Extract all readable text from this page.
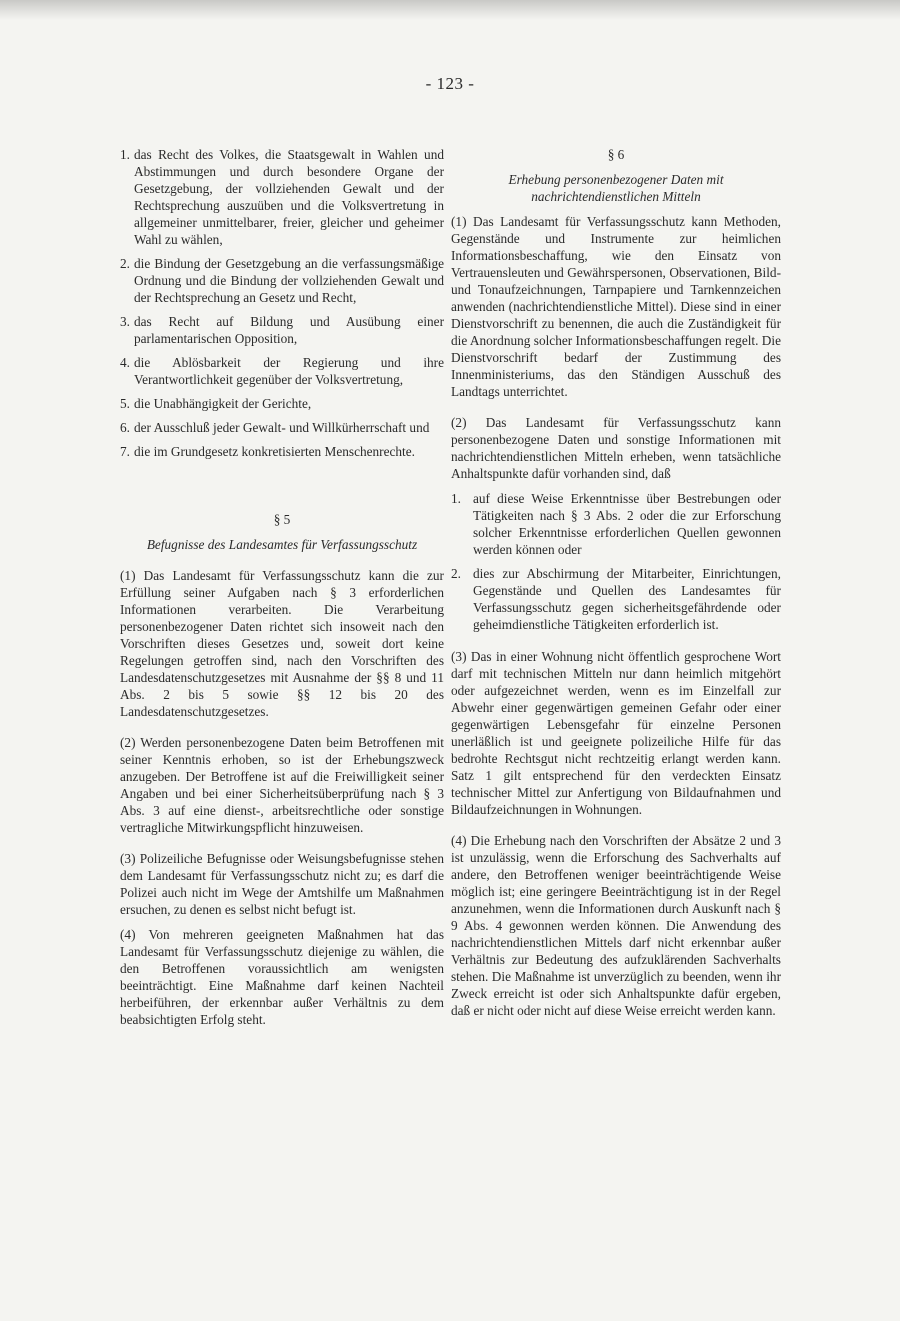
- 123 -
1. das Recht des Volkes, die Staatsgewalt in Wahlen und Abstimmungen und durch besondere Organe der Gesetzgebung, der vollziehenden Gewalt und der Rechtsprechung auszuüben und die Volksvertretung in allgemeiner unmittelbarer, freier, gleicher und geheimer Wahl zu wählen,
2. die Bindung der Gesetzgebung an die verfassungsmäßige Ordnung und die Bindung der vollziehenden Gewalt und der Rechtsprechung an Gesetz und Recht,
3. das Recht auf Bildung und Ausübung einer parlamentarischen Opposition,
4. die Ablösbarkeit der Regierung und ihre Verantwortlichkeit gegenüber der Volksvertretung,
5. die Unabhängigkeit der Gerichte,
6. der Ausschluß jeder Gewalt- und Willkürherrschaft und
7. die im Grundgesetz konkretisierten Menschenrechte.

§ 5

Befugnisse des Landesamtes für Verfassungsschutz

(1) Das Landesamt für Verfassungsschutz kann die zur Erfüllung seiner Aufgaben nach § 3 erforderlichen Informationen verarbeiten. Die Verarbeitung personenbezogener Daten richtet sich insoweit nach den Vorschriften dieses Gesetzes und, soweit dort keine Regelungen getroffen sind, nach den Vorschriften des Landesdatenschutzgesetzes mit Ausnahme der §§ 8 und 11 Abs. 2 bis 5 sowie §§ 12 bis 20 des Landesdatenschutzgesetzes.

(2) Werden personenbezogene Daten beim Betroffenen mit seiner Kenntnis erhoben, so ist der Erhebungszweck anzugeben. Der Betroffene ist auf die Freiwilligkeit seiner Angaben und bei einer Sicherheitsüberprüfung nach § 3 Abs. 3 auf eine dienst-, arbeitsrechtliche oder sonstige vertragliche Mitwirkungspflicht hinzuweisen.

(3) Polizeiliche Befugnisse oder Weisungsbefugnisse stehen dem Landesamt für Verfassungsschutz nicht zu; es darf die Polizei auch nicht im Wege der Amtshilfe um Maßnahmen ersuchen, zu denen es selbst nicht befugt ist.

(4) Von mehreren geeigneten Maßnahmen hat das Landesamt für Verfassungsschutz diejenige zu wählen, die den Betroffenen voraussichtlich am wenigsten beeinträchtigt. Eine Maßnahme darf keinen Nachteil herbeiführen, der erkennbar außer Verhältnis zu dem beabsichtigten Erfolg steht.

§ 6

Erhebung personenbezogener Daten mit nachrichtendienstlichen Mitteln

(1) Das Landesamt für Verfassungsschutz kann Methoden, Gegenstände und Instrumente zur heimlichen Informationsbeschaffung, wie den Einsatz von Vertrauensleuten und Gewährspersonen, Observationen, Bild- und Tonaufzeichnungen, Tarnpapiere und Tarnkennzeichen anwenden (nachrichtendienstliche Mittel). Diese sind in einer Dienstvorschrift zu benennen, die auch die Zuständigkeit für die Anordnung solcher Informationsbeschaffungen regelt. Die Dienstvorschrift bedarf der Zustimmung des Innenministeriums, das den Ständigen Ausschuß des Landtags unterrichtet.

(2) Das Landesamt für Verfassungsschutz kann personenbezogene Daten und sonstige Informationen mit nachrichtendienstlichen Mitteln erheben, wenn tatsächliche Anhaltspunkte dafür vorhanden sind, daß

1. auf diese Weise Erkenntnisse über Bestrebungen oder Tätigkeiten nach § 3 Abs. 2 oder die zur Erforschung solcher Erkenntnisse erforderlichen Quellen gewonnen werden können oder
2. dies zur Abschirmung der Mitarbeiter, Einrichtungen, Gegenstände und Quellen des Landesamtes für Verfassungsschutz gegen sicherheitsgefährdende oder geheimdienstliche Tätigkeiten erforderlich ist.

(3) Das in einer Wohnung nicht öffentlich gesprochene Wort darf mit technischen Mitteln nur dann heimlich mitgehört oder aufgezeichnet werden, wenn es im Einzelfall zur Abwehr einer gegenwärtigen gemeinen Gefahr oder einer gegenwärtigen Lebensgefahr für einzelne Personen unerläßlich ist und geeignete polizeiliche Hilfe für das bedrohte Rechtsgut nicht rechtzeitig erlangt werden kann. Satz 1 gilt entsprechend für den verdeckten Einsatz technischer Mittel zur Anfertigung von Bildaufnahmen und Bildaufzeichnungen in Wohnungen.

(4) Die Erhebung nach den Vorschriften der Absätze 2 und 3 ist unzulässig, wenn die Erforschung des Sachverhalts auf andere, den Betroffenen weniger beeinträchtigende Weise möglich ist; eine geringere Beeinträchtigung ist in der Regel anzunehmen, wenn die Informationen durch Auskunft nach § 9 Abs. 4 gewonnen werden können. Die Anwendung des nachrichtendienstlichen Mittels darf nicht erkennbar außer Verhältnis zur Bedeutung des aufzuklärenden Sachverhalts stehen. Die Maßnahme ist unverzüglich zu beenden, wenn ihr Zweck erreicht ist oder sich Anhaltspunkte dafür ergeben, daß er nicht oder nicht auf diese Weise erreicht werden kann.
